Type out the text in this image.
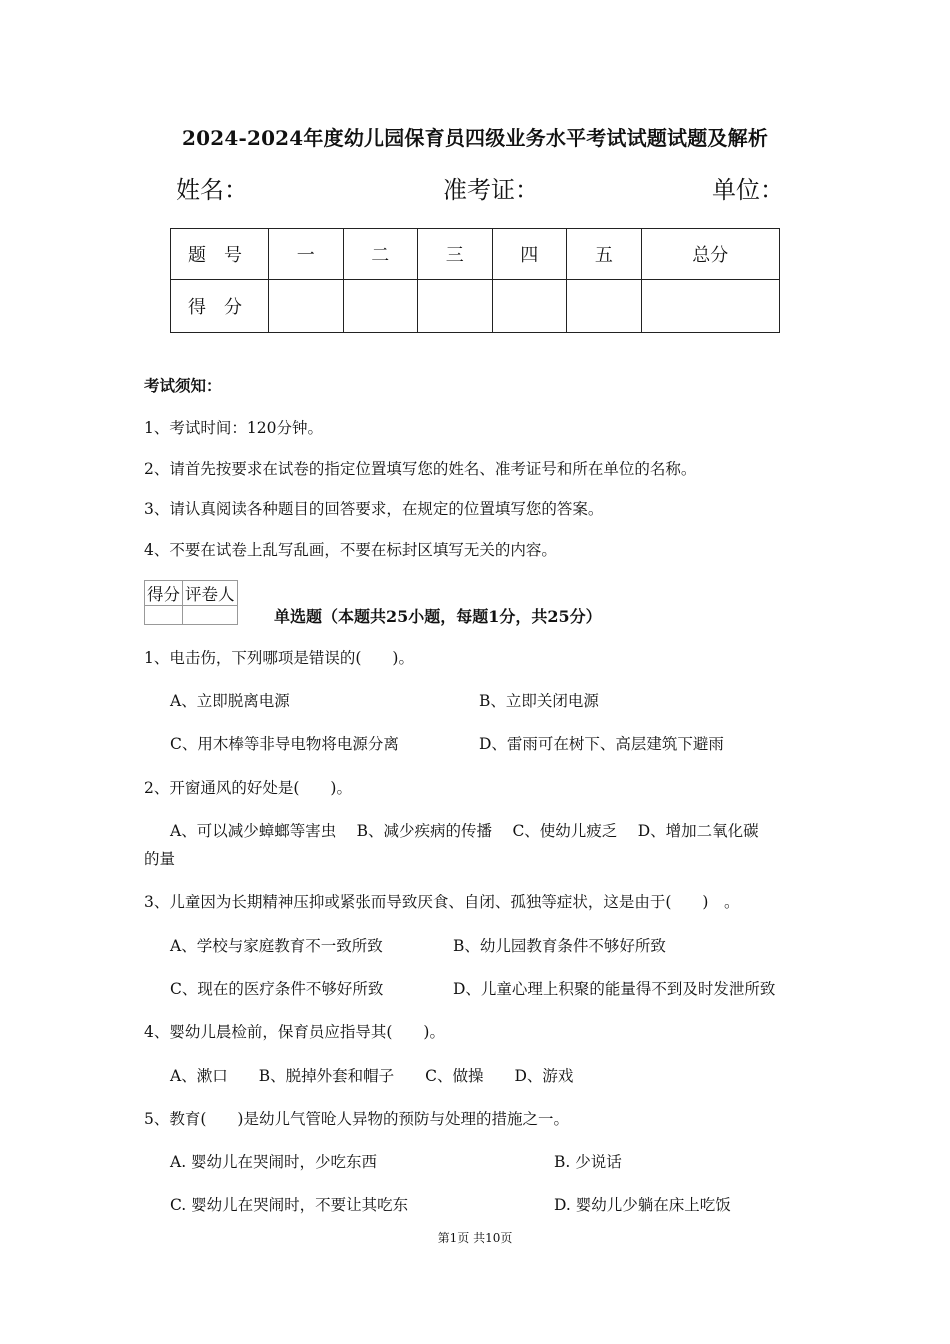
2024-2024年度幼儿园保育员四级业务水平考试试题试题及解析
姓名：	准考证：	单位：
题号	一	二	三	四	五	总分
得分						
考试须知：
1、考试时间：120分钟。
2、请首先按要求在试卷的指定位置填写您的姓名、准考证号和所在单位的名称。
3、请认真阅读各种题目的回答要求，在规定的位置填写您的答案。
4、不要在试卷上乱写乱画，不要在标封区填写无关的内容。
得分	评卷人

单选题（本题共25小题，每题1分，共25分）
1、电击伤，下列哪项是错误的(　　)。
A、立即脱离电源	B、立即关闭电源
C、用木棒等非导电物将电源分离	D、雷雨可在树下、高层建筑下避雨
2、开窗通风的好处是(　　)。
A、可以减少蟑螂等害虫　 B、减少疾病的传播　 C、使幼儿疲乏　 D、增加二氧化碳
的量
3、儿童因为长期精神压抑或紧张而导致厌食、自闭、孤独等症状，这是由于(　　)　。
A、学校与家庭教育不一致所致	B、幼儿园教育条件不够好所致
C、现在的医疗条件不够好所致	D、儿童心理上积聚的能量得不到及时发泄所致
4、婴幼儿晨检前，保育员应指导其(　　)。
A、漱口　　B、脱掉外套和帽子　　C、做操　　D、游戏
5、教育(　　)是幼儿气管呛人异物的预防与处理的措施之一。
A. 婴幼儿在哭闹时，少吃东西	B. 少说话
C. 婴幼儿在哭闹时，不要让其吃东	D. 婴幼儿少躺在床上吃饭
第1页 共10页
